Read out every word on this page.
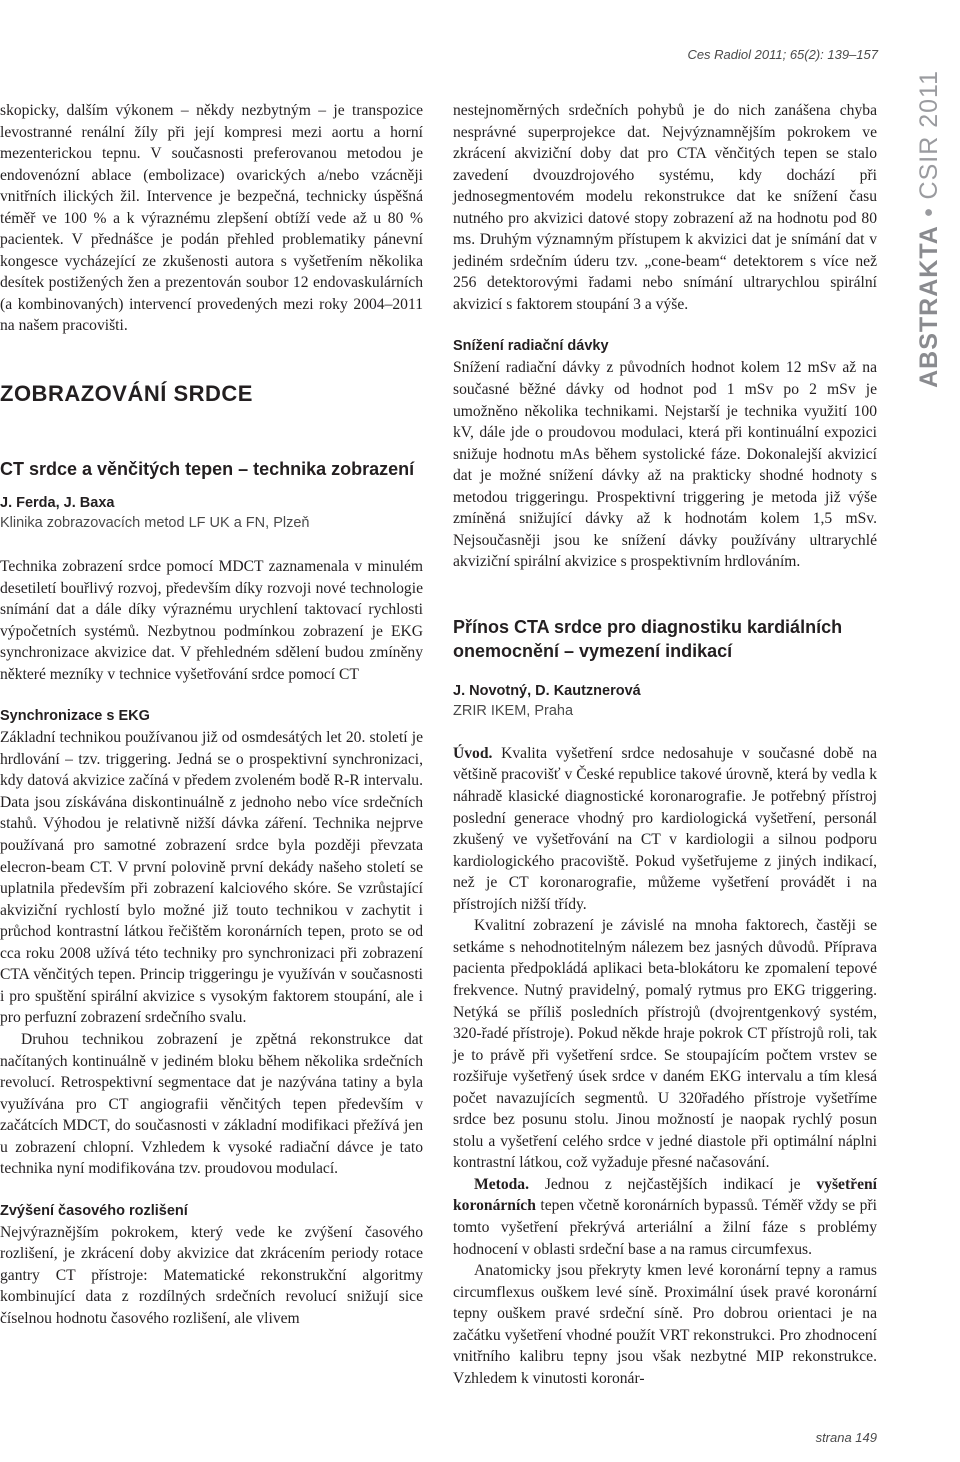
Ces Radiol 2011; 65(2): 139–157
ABSTRAKTA•CSIR 2011

skopicky, dalším výkonem – někdy nezbytným – je transpozice levostranné renální žíly při její kompresi mezi aortu a horní mezenterickou tepnu. V současnosti preferovanou metodou je endovenózní ablace (embolizace) ovarických a/nebo vzácněji vnitřních ilických žil. Intervence je bezpečná, technicky úspěšná téměř ve 100 % a k výraznému zlepšení obtíží vede až u 80 % pacientek. V přednášce je podán přehled problematiky pánevní kongesce vycházející ze zkušenosti autora s vyšetřením několika desítek postižených žen a prezentován soubor 12 endovaskulárních (a kombinovaných) intervencí provedených mezi roky 2004–2011 na našem pracovišti.

ZOBRAZOVÁNÍ SRDCE
CT srdce a věnčitých tepen – technika zobrazení
J. Ferda, J. Baxa
Klinika zobrazovacích metod LF UK a FN, Plzeň

Technika zobrazení srdce pomocí MDCT zaznamenala v minulém desetiletí bouřlivý rozvoj, především díky rozvoji nové technologie snímání dat a dále díky výraznému urychlení taktovací rychlosti výpočetních systémů. Nezbytnou podmínkou zobrazení je EKG synchronizace akvizice dat. V přehledném sdělení budou zmíněny některé mezníky v technice vyšetřování srdce pomocí CT

Synchronizace s EKG

Základní technikou používanou již od osmdesátých let 20. století je hrdlování – tzv. triggering. Jedná se o prospektivní synchronizaci, kdy datová akvizice začíná v předem zvoleném bodě R-R intervalu. Data jsou získávána diskontinuálně z jednoho nebo více srdečních stahů. Výhodou je relativně nižší dávka záření. Technika nejprve používaná pro samotné zobrazení srdce byla později převzata elecron-beam CT. V první polovině první dekády našeho století se uplatnila především při zobrazení kalciového skóre. Se vzrůstající akviziční rychlostí bylo možné již touto technikou v zachytit i průchod kontrastní látkou řečištěm koronárních tepen, proto se od cca roku 2008 užívá této techniky pro synchronizaci při zobrazení CTA věnčitých tepen. Princip triggeringu je využíván v současnosti i pro spuštění spirální akvizice s vysokým faktorem stoupání, ale i pro perfuzní zobrazení srdečního svalu.

Druhou technikou zobrazení je zpětná rekonstrukce dat načítaných kontinuálně v jediném bloku během několika srdečních revolucí. Retrospektivní segmentace dat je nazývána tatiny a byla využívána pro CT angiografii věnčitých tepen především v začátcích MDCT, do současnosti v základní modifikaci přežívá jen u zobrazení chlopní. Vzhledem k vysoké radiační dávce je tato technika nyní modifikována tzv. proudovou modulací.

Zvýšení časového rozlišení

Nejvýraznějším pokrokem, který vede ke zvýšení časového rozlišení, je zkrácení doby akvizice dat zkrácením periody rotace gantry CT přístroje: Matematické rekonstrukční algoritmy kombinující data z rozdílných srdečních revolucí snižují sice číselnou hodnotu časového rozlišení, ale vlivem

nestejnoměrných srdečních pohybů je do nich zanášena chyba nesprávné superprojekce dat. Nejvýznamnějším pokrokem ve zkrácení akviziční doby dat pro CTA věnčitých tepen se stalo zavedení dvouzdrojového systému, kdy dochází při jednosegmentovém modelu rekonstrukce dat ke snížení času nutného pro akvizici datové stopy zobrazení až na hodnotu pod 80 ms. Druhým významným přístupem k akvizici dat je snímání dat v jediném srdečním úderu tzv. „cone-beam“ detektorem s více než 256 detektorovými řadami nebo snímání ultrarychlou spirální akvizicí s faktorem stoupání 3 a výše.

Snížení radiační dávky

Snížení radiační dávky z původních hodnot kolem 12 mSv až na současné běžné dávky od hodnot pod 1 mSv po 2 mSv je umožněno několika technikami. Nejstarší je technika využití 100 kV, dále jde o proudovou modulaci, která při kontinuální expozici snižuje hodnotu mAs během systolické fáze. Dokonalejší akvizicí dat je možné snížení dávky až na prakticky shodné hodnoty s metodou triggeringu. Prospektivní triggering je metoda již výše zmíněná snižující dávky až k hodnotám kolem 1,5 mSv. Nejsoučasněji jsou ke snížení dávky používány ultrarychlé akviziční spirální akvizice s prospektivním hrdlováním.

Přínos CTA srdce pro diagnostiku kardiálních onemocnění – vymezení indikací
J. Novotný, D. Kautznerová
ZRIR IKEM, Praha

Úvod. Kvalita vyšetření srdce nedosahuje v současné době na většině pracovišť v České republice takové úrovně, která by vedla k náhradě klasické diagnostické koronarografie. Je potřebný přístroj poslední generace vhodný pro kardiologická vyšetření, personál zkušený ve vyšetřování na CT v kardiologii a silnou podporu kardiologického pracoviště. Pokud vyšetřujeme z jiných indikací, než je CT koronarografie, můžeme vyšetření provádět i na přístrojích nižší třídy.

Kvalitní zobrazení je závislé na mnoha faktorech, častěji se setkáme s nehodnotitelným nálezem bez jasných důvodů. Příprava pacienta předpokládá aplikaci beta-blokátoru ke zpomalení tepové frekvence. Nutný pravidelný, pomalý rytmus pro EKG triggering. Netýká se příliš posledních přístrojů (dvojrentgenkový systém, 320-řadé přístroje). Pokud někde hraje pokrok CT přístrojů roli, tak je to právě při vyšetření srdce. Se stoupajícím počtem vrstev se rozšiřuje vyšetřený úsek srdce v daném EKG intervalu a tím klesá počet navazujících segmentů. U 320řadého přístroje vyšetříme srdce bez posunu stolu. Jinou možností je naopak rychlý posun stolu a vyšetření celého srdce v jedné diastole při optimální náplni kontrastní látkou, což vyžaduje přesné načasování.

Metoda. Jednou z nejčastějších indikací je vyšetření koronárních tepen včetně koronárních bypassů. Téměř vždy se při tomto vyšetření překrývá arteriální a žilní fáze s problémy hodnocení v oblasti srdeční base a na ramus circumfexus.

Anatomicky jsou překryty kmen levé koronární tepny a ramus circumflexus ouškem levé síně. Proximální úsek pravé koronární tepny ouškem pravé srdeční síně. Pro dobrou orientaci je na začátku vyšetření vhodné použít VRT rekonstrukci. Pro zhodnocení vnitřního kalibru tepny jsou však nezbytné MIP rekonstrukce. Vzhledem k vinutosti koronár-

strana 149
